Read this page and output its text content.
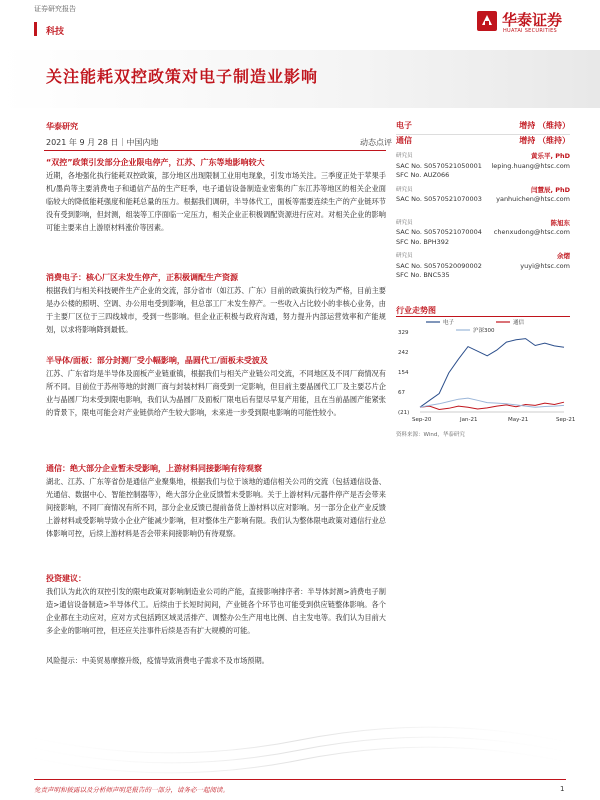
证券研究报告
科技
华泰证券
HUATAI SECURITIES
关注能耗双控政策对电子制造业影响
华泰研究
2021 年 9 月 28 日｜中国内地	动态点评
“双控”政策引发部分企业限电停产，江苏、广东等地影响较大
近期，各地强化执行能耗双控政策，部分地区出现限制工业用电现象，引发市场关注。三季度正处于苹果手机/墨尚等主要消费电子和通信产品的生产旺季，电子通信设备制造业密集的广东江苏等地区的相关企业面临较大的降低能耗强度和能耗总量的压力。根据我们调研，半导体代工，面板等需要连续生产的产业链环节没有受到影响，但封测，组装等工序面临一定压力，相关企业正积极调配资源进行应对。对相关企业的影响可能主要来自上游原材料涨价等因素。
消费电子：核心厂区未发生停产，正积极调配生产资源
根据我们与相关科技硬件生产企业的交流，部分省市（如江苏、广东）目前的政策执行较为严格，目前主要是办公楼的照明、空调、办公用电受到影响，但总部工厂未发生停产。一些收入占比较小的非核心业务，由于主要厂区位于三四线城市，受到一些影响。但企业正积极与政府沟通，努力提升内部运营效率和产能规划，以求将影响降到最低。
半导体/面板：部分封测厂受小幅影响，晶圆代工/面板未受波及
江苏、广东省均是半导体及面板产业链重镇，根据我们与相关产业链公司交流，不同地区及不同厂商情况有所不同。目前位于苏州等地的封测厂商与封装材料厂商受到一定影响，但目前主要晶圆代工厂及主要芯片企业与晶圆厂均未受到限电影响，我们认为晶圆厂及面板厂限电后有望尽早复产用能，且在当前晶圆产能紧张的背景下，限电可能会对产业链供给产生较大影响，未来进一步受到限电影响的可能性较小。
通信：绝大部分企业暂未受影响，上游材料同接影响有待观察
湖北、江苏、广东等省份是通信产业聚集地，根据我们与位于该地的通信相关公司的交流（包括通信设备、光通信、数据中心、智能控制器等），绝大部分企业反馈暂未受影响。关于上游材料/元器件停产是否会带来间接影响，不同厂商情况有所不同，部分企业反馈已提前备货上游材料以应对影响。另一部分企业产业反馈上游材料或受影响导致小企业产能减少影响，但对整体生产影响有限。我们认为整体限电政策对通信行业总体影响可控，后续上游材料是否会带来间接影响仍有待观察。
投资建议：
我们认为此次的双控引发的限电政策对影响制造业公司的产能，直接影响排序者：半导体封测>消费电子制造>通信设备制造>半导体代工。后续由于长短时间间，产业链各个环节也可能受到供应链整体影响。各个企业都在主动应对，应对方式包括跨区域灵活排产、调整办公生产用电比例、自主发电等。我们认为目前大多企业的影响可控，但还应关注事件后续是否有扩大规模的可能。
风险提示：中美贸易摩擦升级，疫情导致消费电子需求不及市场预期。
电子	增持 （维持）
通信	增持 （维持）
研究员	黄乐平, PhD
SAC No. S0570521050001 leping.huang@htsc.com
SFC No. AUZ066
研究员	闫慧辰, PhD
SAC No. S0570521070003 yanhuichen@htsc.com
研究员	陈旭东
SAC No. S0570521070004 chenxudong@htsc.com
SFC No. BPH392
研究员	余熠
SAC No. S0570520090002	yuyi@htsc.com
SFC No. BNC535
行业走势图
电子	通信
沪深300
329
242
154
67
(21)
Sep-20	Jan-21	May-21	Sep-21
资料来源：Wind，华泰研究
免责声明和披露以及分析师声明是报告的一部分，请务必一起阅读。	1
